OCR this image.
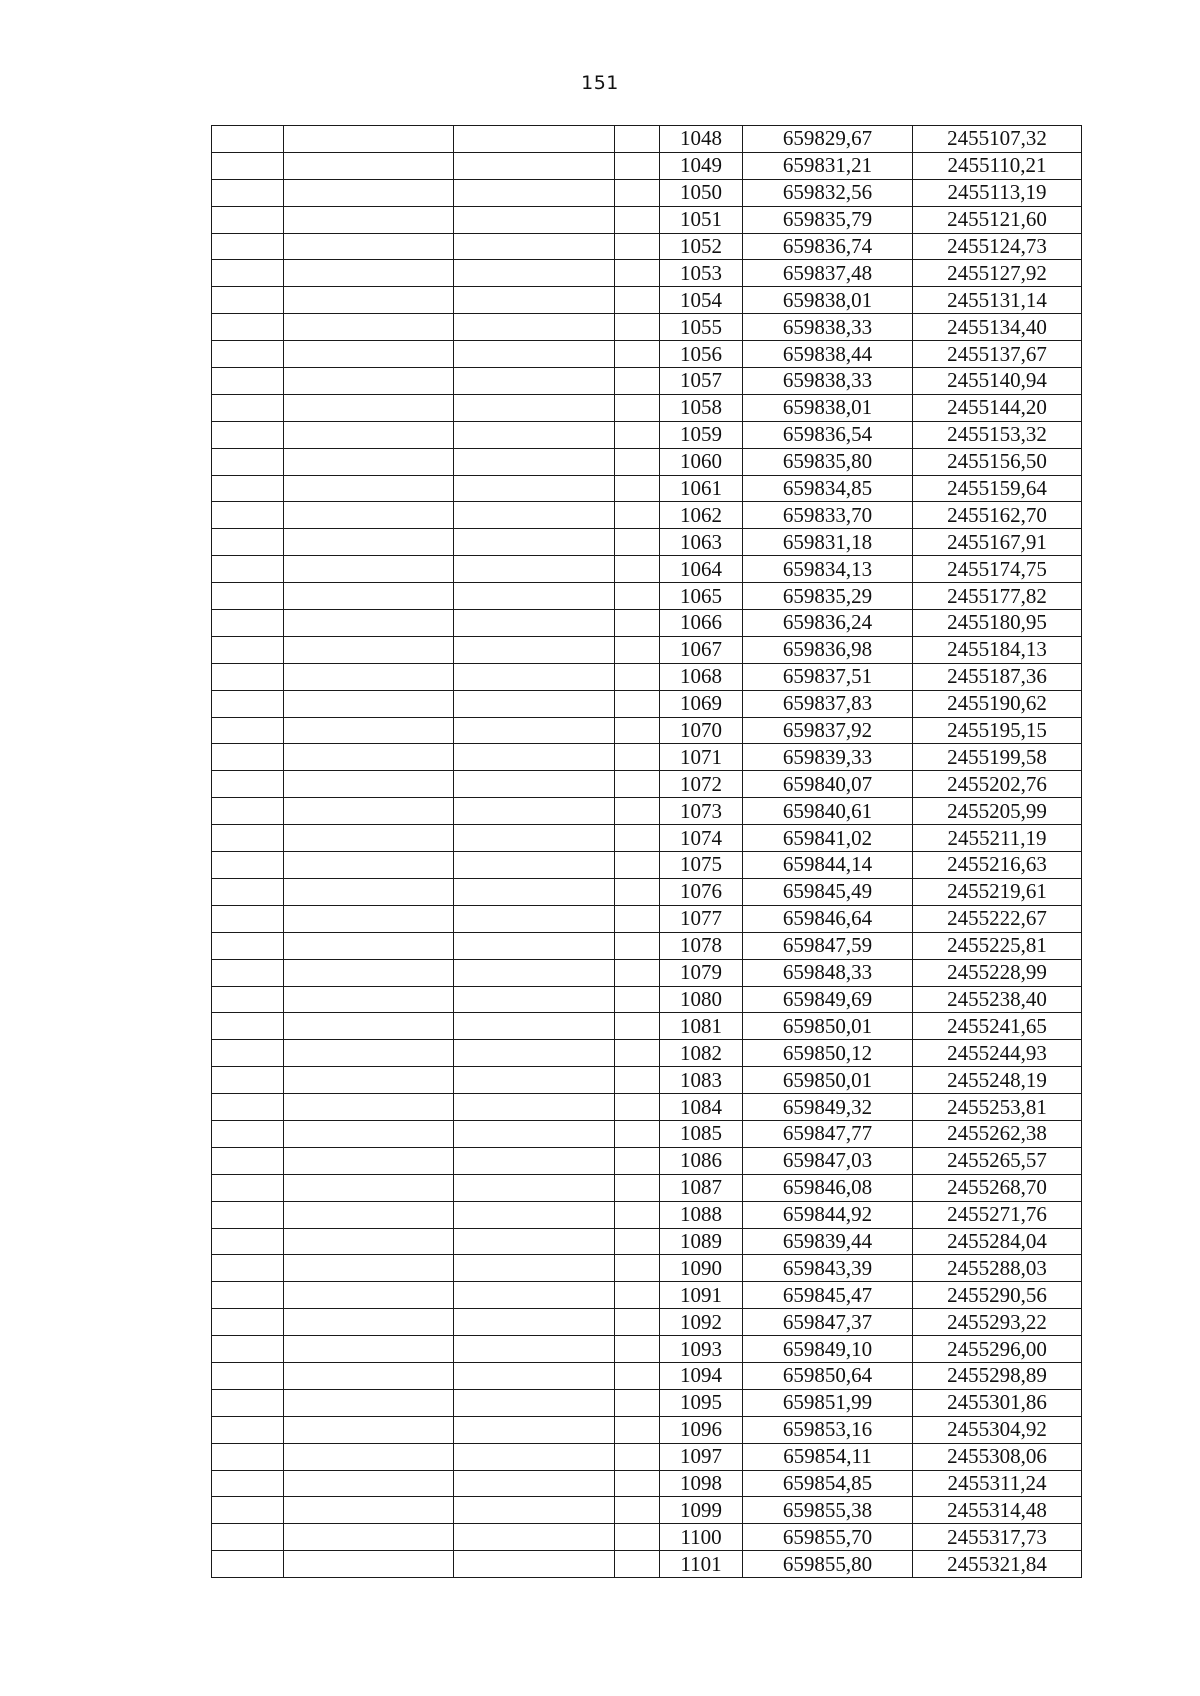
151
				1048	659829,67	2455107,32
				1049	659831,21	2455110,21
				1050	659832,56	2455113,19
				1051	659835,79	2455121,60
				1052	659836,74	2455124,73
				1053	659837,48	2455127,92
				1054	659838,01	2455131,14
				1055	659838,33	2455134,40
				1056	659838,44	2455137,67
				1057	659838,33	2455140,94
				1058	659838,01	2455144,20
				1059	659836,54	2455153,32
				1060	659835,80	2455156,50
				1061	659834,85	2455159,64
				1062	659833,70	2455162,70
				1063	659831,18	2455167,91
				1064	659834,13	2455174,75
				1065	659835,29	2455177,82
				1066	659836,24	2455180,95
				1067	659836,98	2455184,13
				1068	659837,51	2455187,36
				1069	659837,83	2455190,62
				1070	659837,92	2455195,15
				1071	659839,33	2455199,58
				1072	659840,07	2455202,76
				1073	659840,61	2455205,99
				1074	659841,02	2455211,19
				1075	659844,14	2455216,63
				1076	659845,49	2455219,61
				1077	659846,64	2455222,67
				1078	659847,59	2455225,81
				1079	659848,33	2455228,99
				1080	659849,69	2455238,40
				1081	659850,01	2455241,65
				1082	659850,12	2455244,93
				1083	659850,01	2455248,19
				1084	659849,32	2455253,81
				1085	659847,77	2455262,38
				1086	659847,03	2455265,57
				1087	659846,08	2455268,70
				1088	659844,92	2455271,76
				1089	659839,44	2455284,04
				1090	659843,39	2455288,03
				1091	659845,47	2455290,56
				1092	659847,37	2455293,22
				1093	659849,10	2455296,00
				1094	659850,64	2455298,89
				1095	659851,99	2455301,86
				1096	659853,16	2455304,92
				1097	659854,11	2455308,06
				1098	659854,85	2455311,24
				1099	659855,38	2455314,48
				1100	659855,70	2455317,73
				1101	659855,80	2455321,84
